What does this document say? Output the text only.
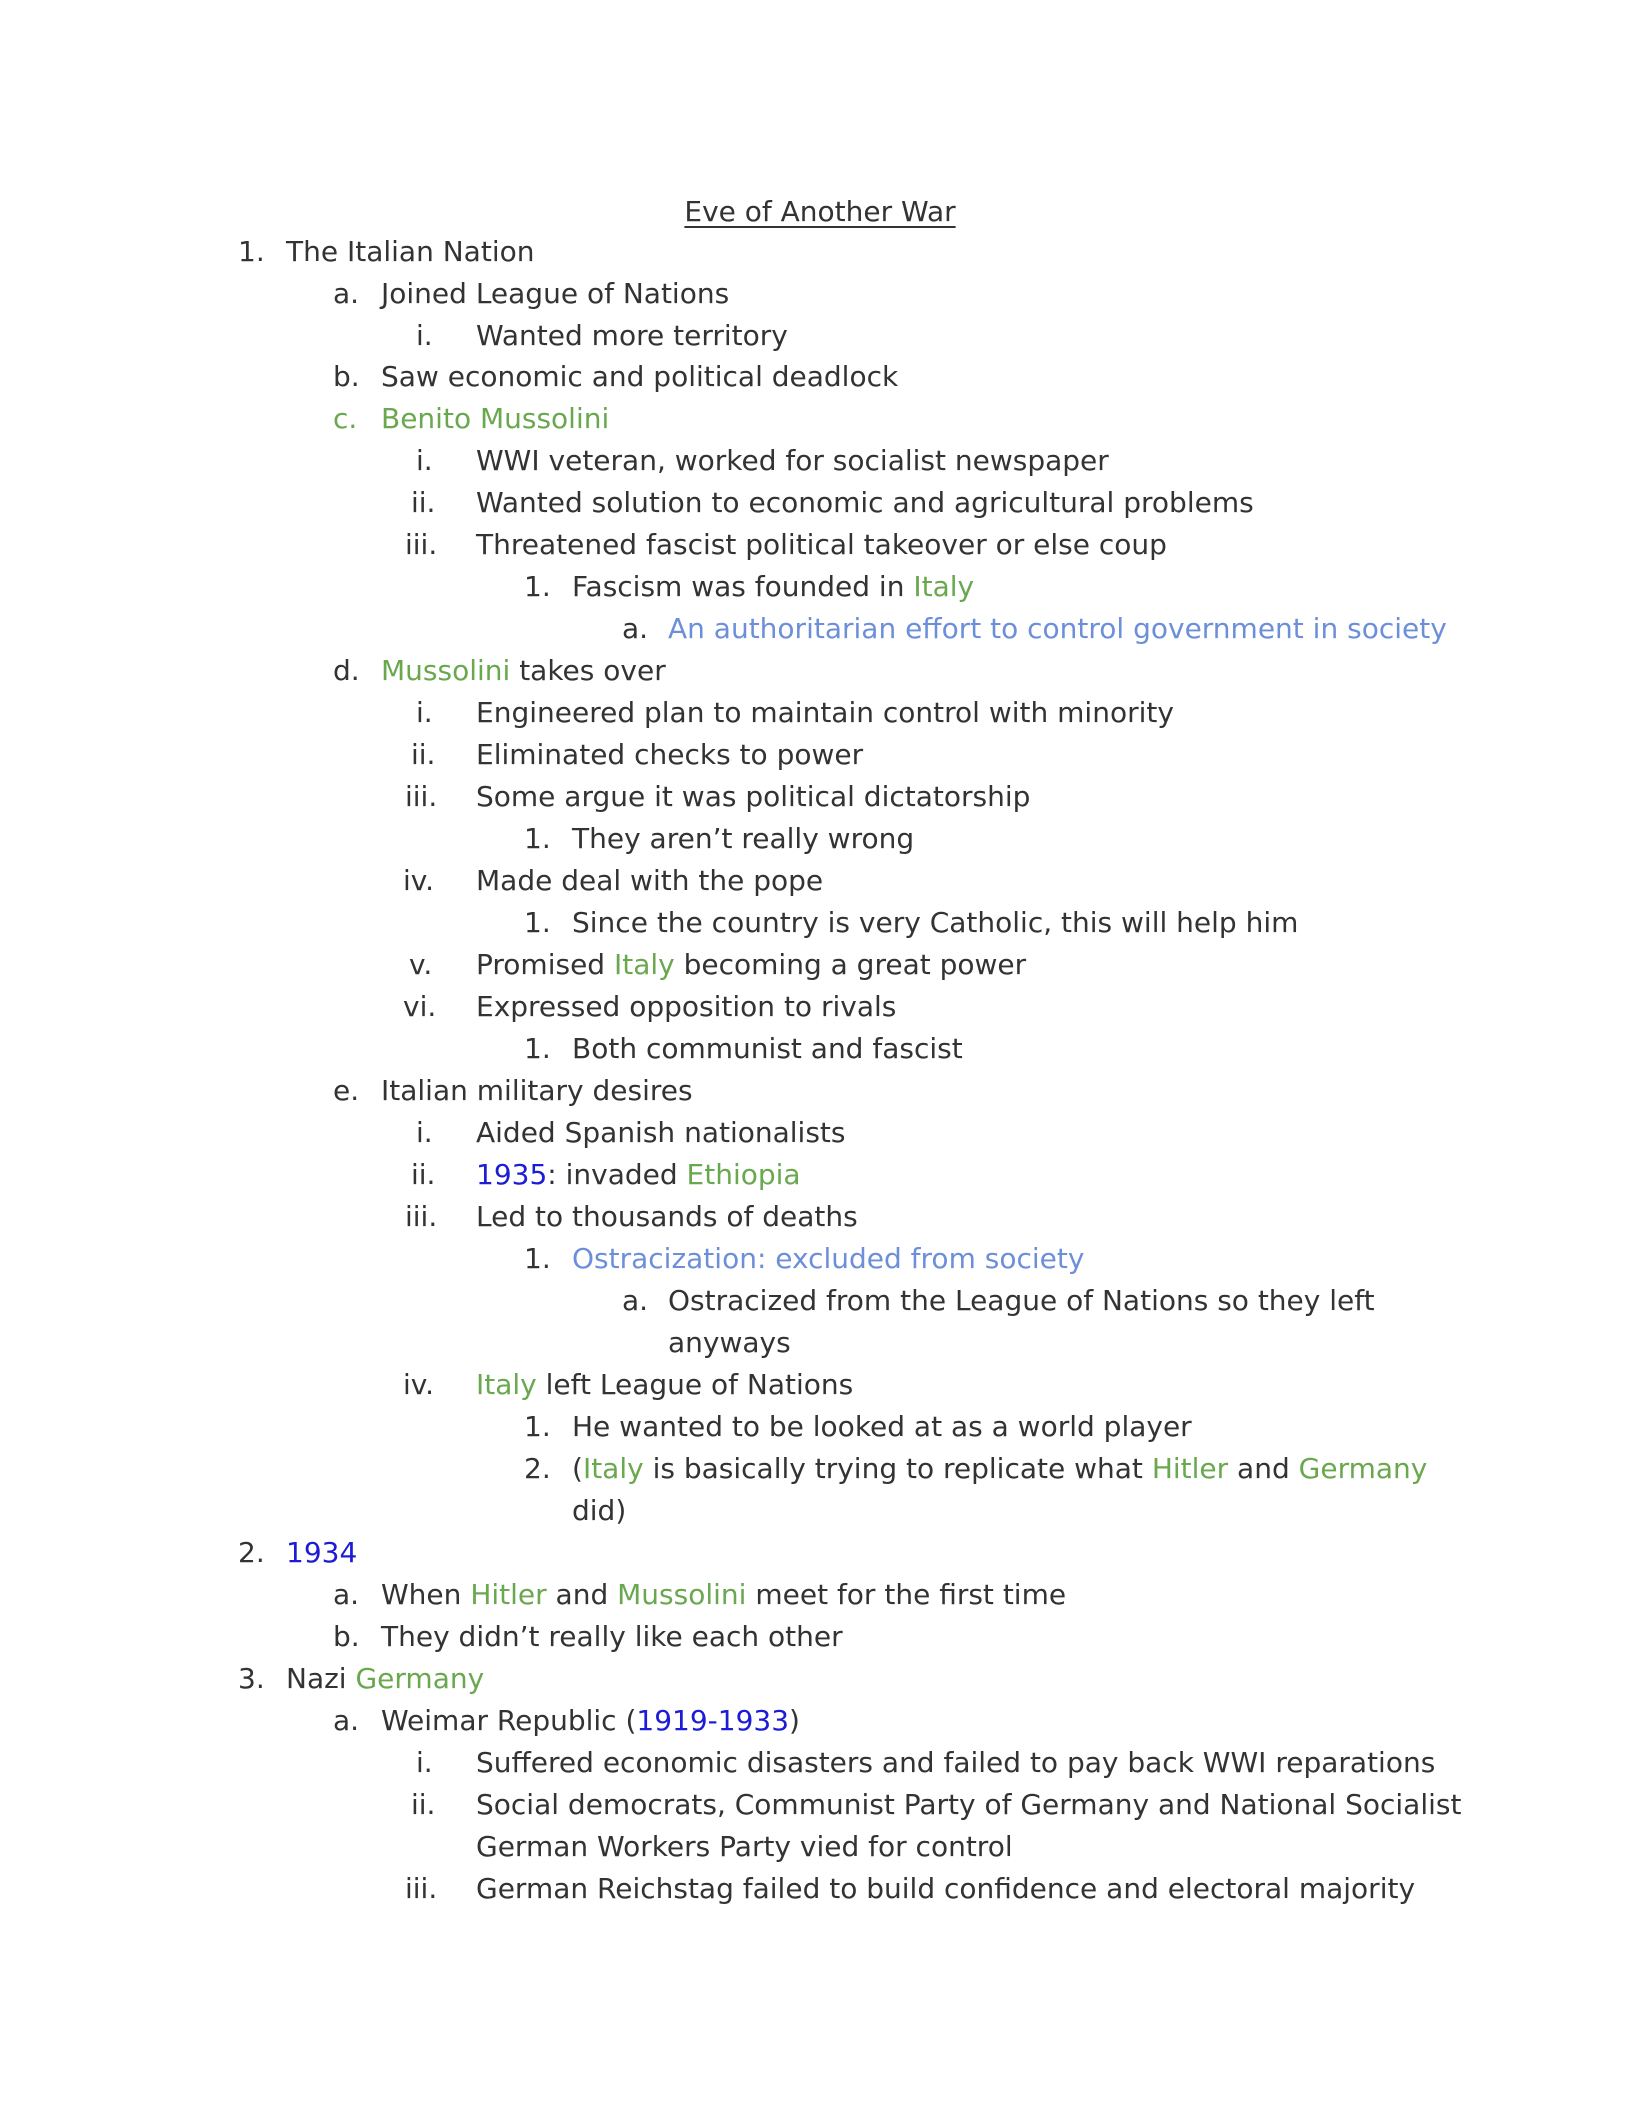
Eve of Another War
1. The Italian Nation
a. Joined League of Nations
i. Wanted more territory
b. Saw economic and political deadlock
c. Benito Mussolini
i. WWI veteran, worked for socialist newspaper
ii. Wanted solution to economic and agricultural problems
iii. Threatened fascist political takeover or else coup
1. Fascism was founded in Italy
a. An authoritarian effort to control government in society
d. Mussolini takes over
i. Engineered plan to maintain control with minority
ii. Eliminated checks to power
iii. Some argue it was political dictatorship
1. They aren’t really wrong
iv. Made deal with the pope
1. Since the country is very Catholic, this will help him
v. Promised Italy becoming a great power
vi. Expressed opposition to rivals
1. Both communist and fascist
e. Italian military desires
i. Aided Spanish nationalists
ii. 1935: invaded Ethiopia
iii. Led to thousands of deaths
1. Ostracization: excluded from society
a. Ostracized from the League of Nations so they left
anyways
iv. Italy left League of Nations
1. He wanted to be looked at as a world player
2. (Italy is basically trying to replicate what Hitler and Germany
did)
2. 1934
a. When Hitler and Mussolini meet for the first time
b. They didn’t really like each other
3. Nazi Germany
a. Weimar Republic (1919-1933)
i. Suffered economic disasters and failed to pay back WWI reparations
ii. Social democrats, Communist Party of Germany and National Socialist
German Workers Party vied for control
iii. German Reichstag failed to build confidence and electoral majority
